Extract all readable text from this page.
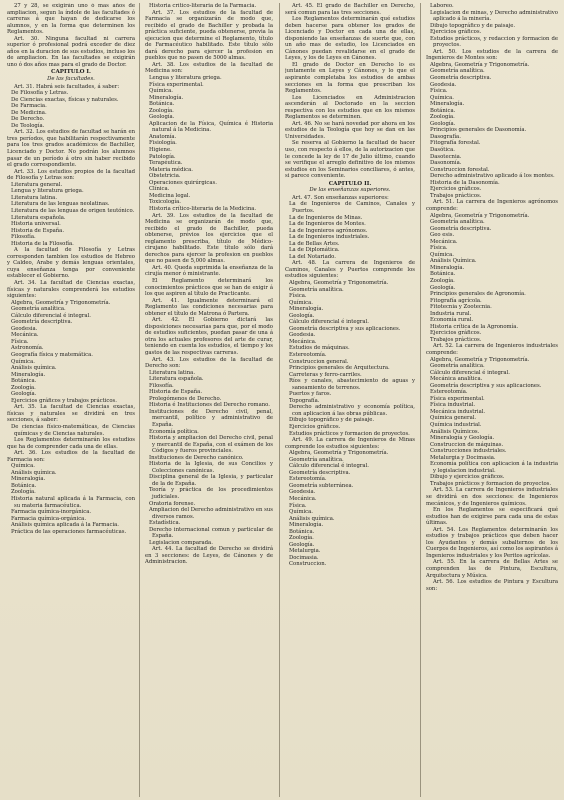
27 y 28, se exigirán uno ó mas años de ampliacion, segun la índole de las facultades ó carreras á que hayan de dedicarse los alumnos, y en la forma que determinen los Reglamentos.

Art. 30. Ninguna facultad ni carrera superior ó profesional podrá exceder de diez años en la duracion de sus estudios, incluso los de ampliacion. En las facultades se exigirán uno ó dos años mas para el grado de Doctor.

CAPITULO I.

De las facultades.

Art. 31. Habrá seis facultades, á saber:

De Filosofía y Letras.

De Ciencias exactas, físicas y naturales.

De Farmacia.

De Medicina.

De Derecho.

De Teología.

Art. 32. Los estudios de facultad se harán en tres períodos, que habilitarán respectivamente para los tres grados académicos de Bachiller, Licenciado y Doctor. No podrán los alumnos pasar de un período á otro sin haber recibido el grado correspondiente.

Art. 33. Los estudios propios de la facultad de Filosofía y Letras son:

Literatura general.

Lengua y literatura griega.

Literatura latina.

Literatura de las lenguas neolatinas.

Literatura de las lenguas de origen teutónico.

Literatura española.

Historia universal.

Historia de España.

Filosofía.

Historia de la Filosofía.

A la facultad de Filosofía y Letras corresponden tambien los estudios de Hebreo y Caldeo, Arabe y demás lenguas orientales, cuya enseñanza tenga por conveniente establecer el Gobierno.

Art. 34. La facultad de Ciencias exactas, físicas y naturales comprenderá los estudios siguientes:

Algebra, Geometría y Trigonometría.

Geometría analítica.

Cálculo diferencial é integral.

Geometría descriptiva.

Geodesia.

Mecánica.

Física.

Astronomía.

Geografía física y matemática.

Química.

Análisis química.

Mineralogía.

Botánica.

Zoología.

Geología.

Ejercicios gráficos y trabajos prácticos.

Art. 35. La facultad de Ciencias exactas, físicas y naturales se dividirá en tres secciones, á saber:

De ciencias físico-matemáticas, de Ciencias químicas y de Ciencias naturales.

Los Reglamentos determinarán los estudios que ha de comprender cada una de ellas.

Art. 36. Los estudios de la facultad de Farmacia son:

Química.

Análisis química.

Mineralogía.

Botánica.

Zoología.

Historia natural aplicada á la Farmacia, con su materia farmacéutica.

Farmacia química-inorgánica.

Farmacia química-orgánica.

Análisis química aplicada á la Farmacia.

Práctica de las operaciones farmacéuticas.

Historia crítico-literaria de la Farmacia.

Art. 37. Los estudios de la facultad de Farmacia se organizarán de modo que, recibido el grado de Bachiller y probada la práctica suficiente, pueda obtenerse, previa la ejecucion que determine el Reglamento, título de Farmacéutico habilitado. Este título sólo dará derecho para ejercer la profesion en pueblos que no pasen de 5000 almas.

Art. 38. Los estudios de la facultad de Medicina son:

Lengua y literatura griega.

Física experimental.

Química.

Mineralogía.

Botánica.

Zoología.

Geología.

Aplicacion de la Física, Química é Historia natural á la Medicina.

Anatomía.

Fisiología.

Higiene.

Patología.

Terapéutica.

Materia médica.

Obstetricia.

Operaciones quirúrgicas.

Clínica.

Medicina legal.

Toxicología.

Historia crítico-literaria de la Medicina.

Art. 39. Los estudios de la facultad de Medicina se organizarán de modo que, recibido el grado de Bachiller, pueda obtenerse, prévios los ejercicios que el reglamento prescriba, título de Médico-cirujano habilitado. Este título sólo dará derechos para ejercer la profesion en pueblos que no pasen de 5,000 almas.

Art. 40. Queda suprimida la enseñanza de la cirujía menor ó ministrante.

El Reglamento determinará los conocimientos prácticos que se han de exigir á los que aspiren al título de Practicante.

Art. 41. Igualmente determinará el Reglamento las condiciones necesarias para obtener el título de Matrona ó Partera.

Art. 42. El Gobierno dictará las disposiciones necesarias para que, por el modo de estudios suficientes, puedan pasar de una á otra los actuales profesores del arte de curar, teniendo en cuenta los estudios, el tiempo y los gastos de las respectivas carreras.

Art. 43. Los estudios de la facultad de Derecho son:

Literatura latina.

Literatura española.

Filosofía.

Historia de España.

Prolegómenos de Derecho.

Historia é Instituciones del Derecho romano.

Instituciones de Derecho civil, penal, mercantil, político y administrativo de España.

Economía política.

Historia y ampliacion del Derecho civil, penal y mercantil de España, con el exámen de los Códigos y fueros provinciales.

Instituciones de Derecho canónico.

Historia de la Iglesia, de sus Concilios y Colecciones canónicas.

Disciplina general de la Iglesia, y particular de la de España.

Teoría y práctica de los procedimientos judiciales.

Oratoria forense.

Ampliacion del Derecho administrativo en sus diversos ramos.

Estadística.

Derecho internacional comun y particular de España.

Legislacion comparada.

Art. 44. La facultad de Derecho se dividirá en 3 secciones: de Leyes, de Cánones y de Administracion.

Art. 45. El grado de Bachiller en Derecho, será comun para las tres secciones.

Los Reglamentos determinarán qué estudios deben hacerse para obtener los grados de Licenciado y Doctor en cada una de ellas, disponiendo las enseñanzas de suerte que, con un año mas de estudio, los Licenciados en Cánones puedan revalidarse en el grado de Leyes, y los de Leyes en Cánones.

El grado de Doctor en Derecho lo es juntamente en Leyes y Cánones, y lo que el aspirante completaba los estudios de ambas secciones en la forma que prescriban los Reglamentos.

Los Licenciados en Administracion ascenderán al Doctorado en la seccion respectiva con los estudios que en los mismos Reglamentos se determinen.

Art. 46. No se hará novedad por ahora en los estudios de la Teología que hoy se dan en las Universidades.

Se reserva al Gobierno la facultad de hacer uso, con respecto á ellos, de la autorizacion que le concede la ley de 17 de Julio último, cuando se verifique el arreglo definitivo de los mismos estudios en los Seminarios conciliares, ó antes, si parece conveniente.

CAPITULO II.

De las enseñanzas superiores.

Art. 47. Son enseñanzas superiores:

La de Ingenieros de Caminos, Canales y Puertos.

La de Ingenieros de Minas.

La de Ingenieros de Montes.

La de Ingenieros agrónomos.

La de Ingenieros industriales.

La de Bellas Artes.

La de Diplomática.

La del Notariado.

Art. 48. La carrera de Ingenieros de Caminos, Canales y Puertos comprende los estudios siguientes:

Algebra, Geometría y Trigonometría.

Geometría analítica.

Física.

Química.

Mineralogía.

Geología.

Cálculo diferencial é integral.

Geometría descriptiva y sus aplicaciones.

Geodesia.

Mecánica.

Estudios de máquinas.

Estereotomía.

Construccion general.

Principios generales de Arquitectura.

Carreteras y ferro-carriles.

Ríos y canales, abastecimiento de aguas y saneamiento de terrenos.

Puertos y faros.

Topografía.

Derecho administrativo y economía política, con aplicacion á las obras públicas.

Dibujo topográfico y de paisaje.

Ejercicios gráficos.

Estudios prácticos y formacion de proyectos.

Art. 49. La carrera de Ingenieros de Minas comprende los estudios siguientes:

Algebra, Geometría y Trigonometría.

Geometría analítica.

Cálculo diferencial é integral.

Geometría descriptiva.

Estereotomía.

Geometría subterránea.

Geodesia.

Mecánica.

Física.

Química.

Análisis química.

Mineralogía.

Botánica.

Zoología.

Geología.

Metalurgia.

Docimasia.

Construccion.

Laboreo.

Legislacion de minas, y Derecho administrativo aplicado á la minería.

Dibujo topográfico y de paisaje.

Ejercicios gráficos.

Estudios prácticos, y redaccion y formacion de proyectos.

Art. 50. Los estudios de la carrera de Ingenieros de Montes son:

Algebra, Geometría y Trigonometría.

Geometría analítica.

Geometría descriptiva.

Geodesia.

Física.

Química.

Mineralogía.

Botánica.

Zoología.

Geología.

Principios generales de Dasonomía.

Dasografía.

Fitografía forestal.

Dasótica.

Dasotecnia.

Dasonomía.

Construccion forestal.

Derecho administrativo aplicado á los montes.

Historia de la Dasonomía.

Ejercicios gráficos.

Trabajos prácticos.

Art. 51. La carrera de Ingenieros agrónomos comprende:

Algebra, Geometría y Trigonometría.

Geometría analítica.

Geometría descriptiva.

Geo esis.

Mecánica.

Física.

Química.

Análisis Química.

Mineralogía.

Botánica.

Zoología.

Geología.

Principios generales de Agronomía.

Fitografía agrícola.

Fitotecnia y Zootecnia.

Industria rural.

Economía rural.

Historia crítica de la Agronomía.

Ejercicios gráficos.

Trabajos prácticos.

Art. 52. La carrera de Ingenieros industriales comprende:

Algebra, Geometría y Trigonometría.

Geometría analítica.

Cálculo diferencial é integral.

Mecánica analítica.

Geometría descriptiva y sus aplicaciones.

Estereotomía.

Física experimental.

Física industrial.

Mecánica industrial.

Química general.

Química industrial.

Análisis Químicos.

Mineralogía y Geología.

Construccion de máquinas.

Construcciones industriales.

Metalurgia y Docimasia.

Economía política con aplicacion á la industria y legislacion industrial.

Dibujo y ejercicios gráficos.

Trabajos prácticos y formacion de proyectos.

Art. 53. La carrera de Ingenieros industriales se dividirá en dos secciones: de Ingenieros mecánicos, y de Ingenieros químicos.

En los Reglamentos se especificará qué estudios han de exigirse para cada una de estas últimas.

Art. 54. Los Reglamentos determinarán los estudios y trabajos prácticos que deben hacer los Ayudantes y demás subalternos de los Cuerpos de Ingenieros, así como los aspirantes á Ingenieros industriales y los Peritos agrícolas.

Art. 55. En la carrera de Bellas Artes se comprenden las de Pintura, Escultura, Arquitectura y Música.

Art. 56. Los estudios de Pintura y Escultura son:
